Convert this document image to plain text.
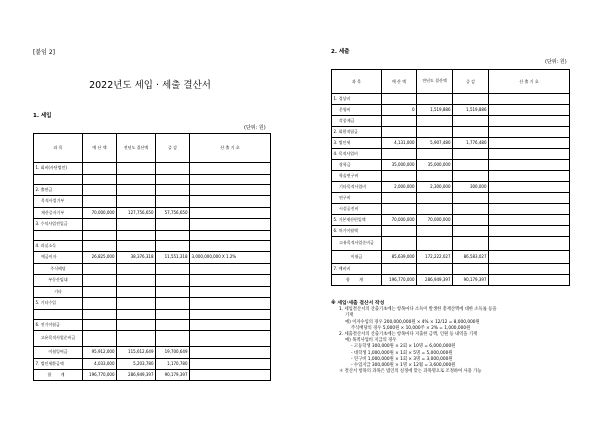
[붙임 2]
2022년도 세입 · 세출 결산서
1. 세입
(단위: 원)
과 목	예 산 액	전년도 결산액	증 감	산 출 기 초
1. 회비(사단법인)				

2. 출연금				
목적사업기부				
재산증자기부	70,000,000	127,756,650	57,756,650	
3. 수익사업전입금				

4. 과실소득				
예금이자	26,825,000	38,376,318	11,551,318	3,000,000,000 X 1.2%
주식배당				
부동산임대				
기타				
5. 기타수입				

6. 전기이월금				
고유목적사업준비금				
이월잉여금	95,912,000	115,612,649	19,700,649	
7. 법인세환급액	4,033,000	5,203,780	1,170,780	
합 계	196,770,000	286,949,397	90,179,397	
2. 세출
(단위: 원)
과 목	예 산 액	전년도 결산액	증 감	산 출 기 초
1. 경상비				
운영비	0	1,519,886	1,519,886	
각종제금				
2. 회원적립금				
3. 법인세	4,131,000	5,907,480	1,776,480	
4. 목적사업비				
장학금	35,000,000	35,000,000		
학술연구비				
기타목적사업비	2,000,000	2,300,000	300,000	
연구비				
시설공진비				
5. 기본재산편입액	70,000,000	70,000,000		
6. 차기이월액				
고유목적사업준비금				
이월금	85,639,000	172,222,027	86,583,027	
7. 예비비				
합 계	196,770,000	286,949,397	90,179,397	
※ 세입·세출 결산서 작성
1. 세입결산서의 산출기초에는 항목마다 소득이 발생한 총재산액에 대한 소득률 등을
기재
예) 이자수입의 경우 200,000,000원 × 4% × 12/12 = 8,000,000원
주식배당의 경우 5,000원 × 10,000주 × 2% = 1,000,000원
2. 세출결산서의 산출기초에는 항목마다 지출한 금액, 인원 등 내역을 기재
예) 목적사업비 지급의 경우
- 고등학생 300,000원 × 2회 × 10명 = 6,000,000원
- 대학생 1,000,000원 × 1회 × 5명 = 5,000,000원
- 연구비 1,000,000원 × 1회 × 3명 = 3,000,000원
- 수업지급 300,000원 × 1명 × 12월 = 3,600,000원
＊ 결산서 항목의 과목은 법인의 실정에 맞는 과목명으로 조정하여 사용 가능
